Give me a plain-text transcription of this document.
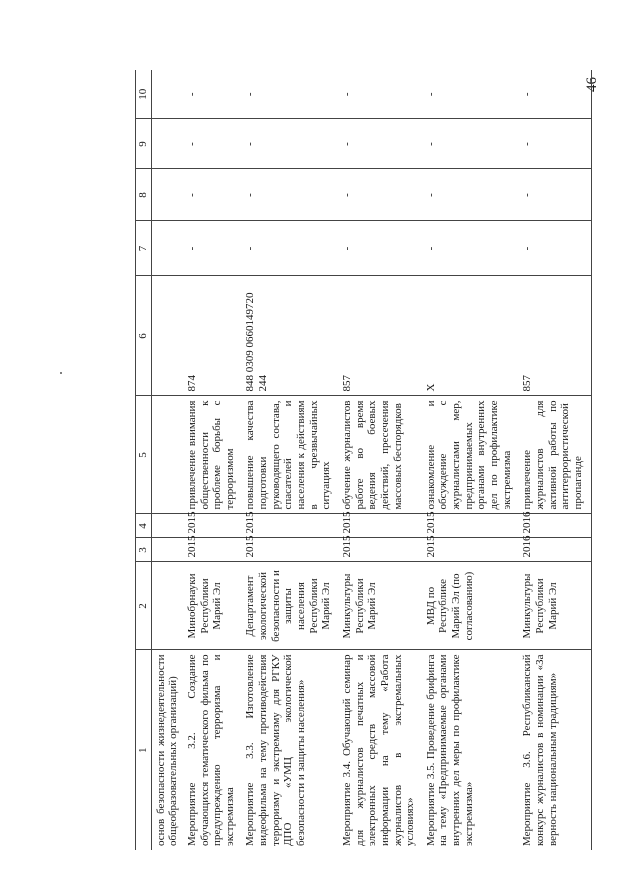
46
1	2	3	4	5	6	7	8	9	10
основ безопасности жизнедеятельности общеобразовательных организаций)									
Мероприятие 3.2. Создание обучающихся тематического фильма по предупреждению терроризма и экстремизма	Минобрнауки Республики Марий Эл	2015	2015	привлечение внимания общественности к проблеме борьбы с терроризмом	874	-	-	-	-
Мероприятие 3.3. Изготовление видеофильма на тему противодействия терроризму и экстремизму для РГКУ ДПО «УМЦ экологической безопасности и защиты населения»	Департамент экологической безопасности и защиты населения Республики Марий Эл	2015	2015	повышение качества подготовки руководящего состава, спасателей и населения к действиям в чрезвычайных ситуациях	848 0309 0660149720 244	-	-	-	-
Мероприятие 3.4. Обучающий семинар для журналистов печатных и электронных средств массовой информации на тему «Работа журналистов в экстремальных условиях»	Минкультуры Республики Марий Эл	2015	2015	обучение журналистов работе во время ведения боевых действий, пресечения массовых беспорядков	857	-	-	-	-
Мероприятие 3.5. Проведение брифинга на тему «Предпринимаемые органами внутренних дел меры по профилактике экстремизма»	МВД по Республике Марий Эл (по согласованию)	2015	2015	ознакомление и обсуждение с журналистами мер, предпринимаемых органами внутренних дел по профилактике экстремизма	X	-	-	-	-
Мероприятие 3.6. Республиканский конкурс журналистов в номинации «За верность национальным традициям»	Минкультуры Республики Марий Эл	2016	2016	привлечение журналистов для активной работы по антитеррористической пропаганде	857	-	-	-	-
